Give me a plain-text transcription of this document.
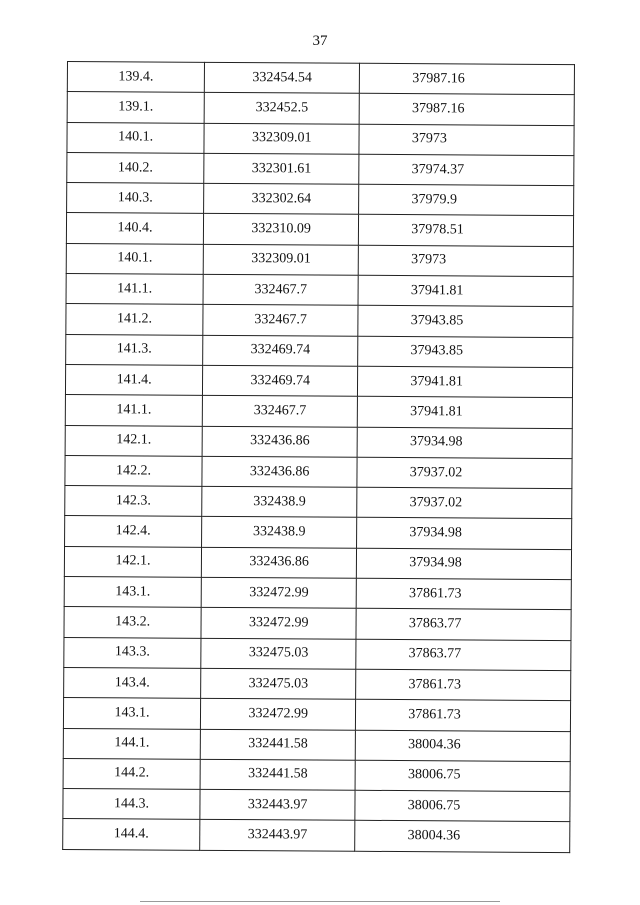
37
139.4.	332454.54	37987.16
139.1.	332452.5	37987.16
140.1.	332309.01	37973
140.2.	332301.61	37974.37
140.3.	332302.64	37979.9
140.4.	332310.09	37978.51
140.1.	332309.01	37973
141.1.	332467.7	37941.81
141.2.	332467.7	37943.85
141.3.	332469.74	37943.85
141.4.	332469.74	37941.81
141.1.	332467.7	37941.81
142.1.	332436.86	37934.98
142.2.	332436.86	37937.02
142.3.	332438.9	37937.02
142.4.	332438.9	37934.98
142.1.	332436.86	37934.98
143.1.	332472.99	37861.73
143.2.	332472.99	37863.77
143.3.	332475.03	37863.77
143.4.	332475.03	37861.73
143.1.	332472.99	37861.73
144.1.	332441.58	38004.36
144.2.	332441.58	38006.75
144.3.	332443.97	38006.75
144.4.	332443.97	38004.36
